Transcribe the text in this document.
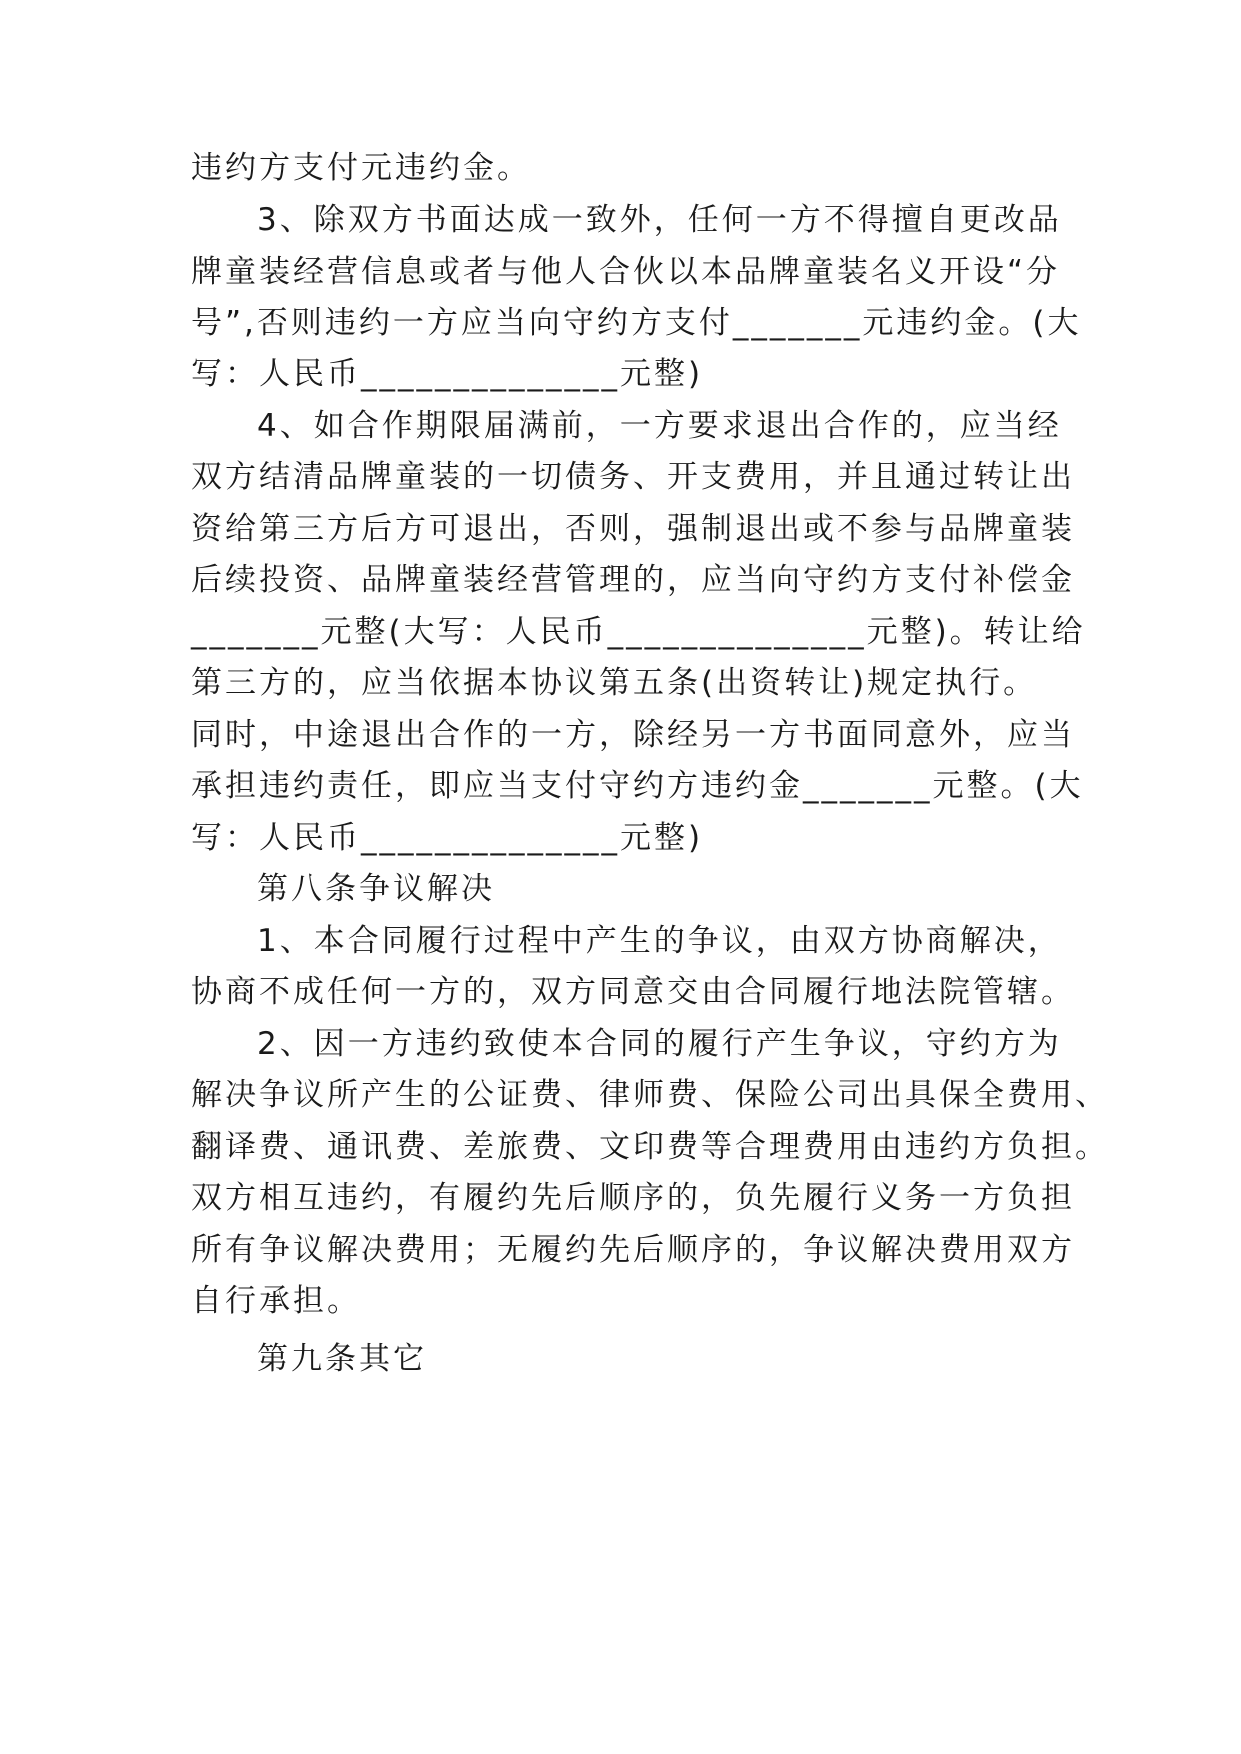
违约方支付元违约金。
3、除双方书面达成一致外，任何一方不得擅自更改品
牌童装经营信息或者与他人合伙以本品牌童装名义开设“分
号”,否则违约一方应当向守约方支付_______元违约金。(大
写：人民币______________元整)
4、如合作期限届满前，一方要求退出合作的，应当经
双方结清品牌童装的一切债务、开支费用，并且通过转让出
资给第三方后方可退出，否则，强制退出或不参与品牌童装
后续投资、品牌童装经营管理的，应当向守约方支付补偿金
_______元整(大写：人民币______________元整)。转让给
第三方的，应当依据本协议第五条(出资转让)规定执行。
同时，中途退出合作的一方，除经另一方书面同意外，应当
承担违约责任，即应当支付守约方违约金_______元整。(大
写：人民币______________元整)
第八条争议解决
1、本合同履行过程中产生的争议，由双方协商解决，
协商不成任何一方的，双方同意交由合同履行地法院管辖。
2、因一方违约致使本合同的履行产生争议，守约方为
解决争议所产生的公证费、律师费、保险公司出具保全费用、
翻译费、通讯费、差旅费、文印费等合理费用由违约方负担。
双方相互违约，有履约先后顺序的，负先履行义务一方负担
所有争议解决费用；无履约先后顺序的，争议解决费用双方
自行承担。
第九条其它
